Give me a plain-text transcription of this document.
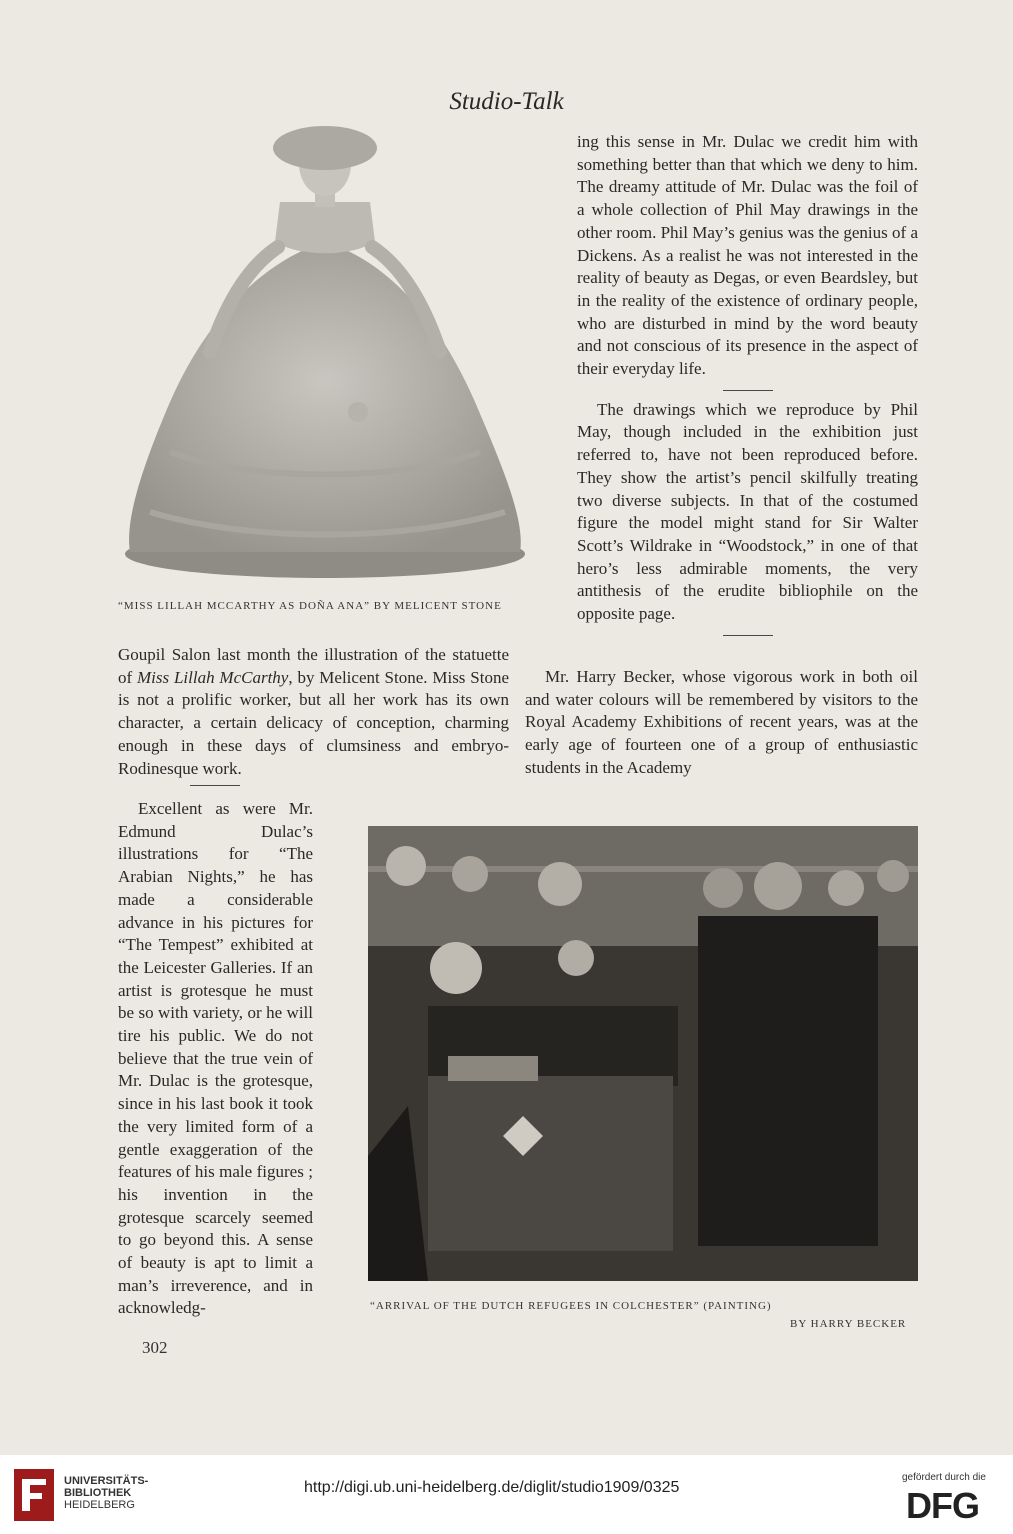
Studio-Talk
“MISS LILLAH MCCARTHY AS DOÑA ANA” BY MELICENT STONE

ing this sense in Mr. Dulac we credit him with something better than that which we deny to him. The dreamy attitude of Mr. Dulac was the foil of a whole collection of Phil May drawings in the other room. Phil May’s genius was the genius of a Dickens. As a realist he was not interested in the reality of beauty as Degas, or even Beardsley, but in the reality of the existence of ordinary people, who are disturbed in mind by the word beauty and not conscious of its presence in the aspect of their everyday life.

The drawings which we reproduce by Phil May, though included in the exhibition just referred to, have not been reproduced before. They show the artist’s pencil skilfully treating two diverse subjects. In that of the costumed figure the model might stand for Sir Walter Scott’s Wildrake in “Woodstock,” in one of that hero’s less admirable moments, the very antithesis of the erudite bibliophile on the opposite page.

Goupil Salon last month the illustration of the statuette of Miss Lillah McCarthy, by Melicent Stone. Miss Stone is not a prolific worker, but all her work has its own character, a certain delicacy of conception, charming enough in these days of clumsiness and embryo-Rodinesque work.

Mr. Harry Becker, whose vigorous work in both oil and water colours will be remembered by visitors to the Royal Academy Exhibitions of recent years, was at the early age of fourteen one of a group of enthusiastic students in the Academy

Excellent as were Mr. Edmund Dulac’s illustrations for “The Arabian Nights,” he has made a considerable advance in his pictures for “The Tempest” exhibited at the Leicester Galleries. If an artist is grotesque he must be so with variety, or he will tire his public. We do not believe that the true vein of Mr. Dulac is the grotesque, since in his last book it took the very limited form of a gentle exaggeration of the features of his male figures ; his invention in the grotesque scarcely seemed to go beyond this. A sense of beauty is apt to limit a man’s irreverence, and in acknowledg-	“ARRIVAL OF THE DUTCH REFUGEES IN COLCHESTER” (PAINTING)
BY HARRY BECKER
302
UNIVERSITÄTS-
BIBLIOTHEK
HEIDELBERG
http://digi.ub.uni-heidelberg.de/diglit/studio1909/0325
gefördert durch die
DFG
